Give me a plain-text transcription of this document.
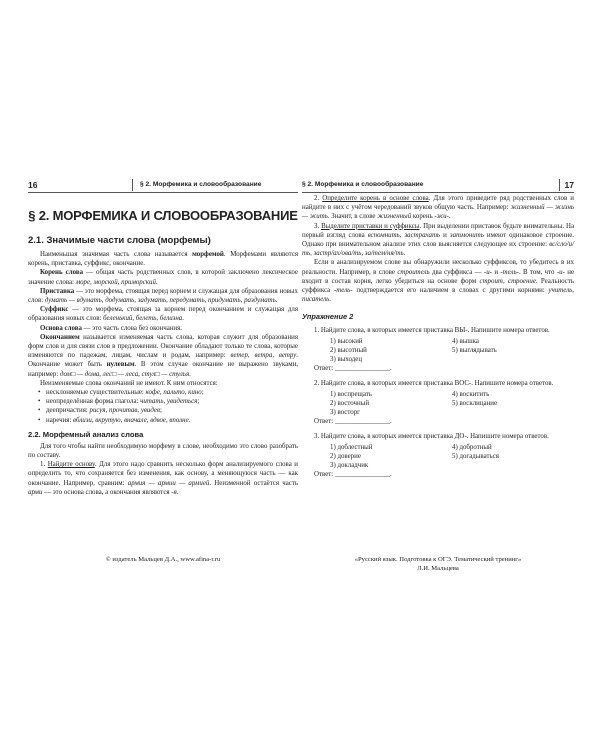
16	§ 2. Морфемика и словообразование
§ 2. МОРФЕМИКА И СЛОВООБРАЗОВАНИЕ
2.1. Значимые части слова (морфемы)

Наименьшая значимая часть слова называется морфемой. Морфемами являются корень, приставка, суффикс, окончание.

Корень слова — общая часть родственных слов, в которой заключено лексическое значение слова: море, морской, приморский.

Приставка — это морфема, стоящая перед корнем и служащая для образования новых слов: думать — вдумать, додумать, задумать, передумать, придумать, раздумать.

Суффикс — это морфема, стоящая за корнем перед окончанием и служащая для образования новых слов: беленький, белеть, белизна.

Основа слова — это часть слова без окончания.

Окончанием называется изменяемая часть слова, которая служит для образования форм слов и для связи слов в предложении. Окончание обладают только те слова, которые изменяются по падежам, лицам, числам и родам, например: ветер, ветра, ветру. Окончание может быть нулевым. В этом случае окончание не выражено звуками, например: дом□ — дома, лес□ — леса, стул□ — стулья.

Неизменяемые слова окончаний не имеют. К ним относятся:

• несклоняемые существительные: кофе, пальто, кино;
• неопределённая форма глагола: читать, увидеться;
• деепричастия: рисуя, прочитав, увидев;
• наречия: вблизи, вкрутую, вначале, вдвое, вполне.
2.2. Морфемный анализ слова

Для того чтобы найти необходимую морфему в слове, необходимо это слово разобрать по составу.

1. Найдите основу. Для этого надо сравнить несколько форм анализируемого слова и определить то, что сохраняется без изменения, как основу, а меняющуюся часть — как окончание. Например, сравним: армия — армии — армией. Неизменной остаётся часть арми — это основа слова, а окончания являются -я.

© издатель Мальцев Д.А., www.afina-r.ru
§ 2. Морфемика и словообразование	17

2. Определите корень в основе слова. Для этого приведите ряд родственных слов и найдите в них с учётом чередований звуков общую часть. Например: жизненный — жизнь — жить. Значит, в слове жизненный корень -жи-.

3. Выделите приставки и суффиксы. При выделении приставок будьте внимательны. На первый взгляд слова вспомнить, застрахать и затмонить имеют одинаковое строение. Однако при внимательном анализе этих слов выясняется следующее их строение: вс/сло/и/ть, застр/ах/ова/ть, за/тем/ня/ть.

Если в анализируемом слове вы обнаружили несколько суффиксов, то убедитесь в их реальности. Например, в слове строитель два суффикса — -и- и -тель-. В том, что -и- не входит в состав корня, легко убедиться на основе форм строит, строение. Реальность суффикса -тель- подтверждается его наличием в словах с другими корнями: учитель, писатель.

Упражнение 2

1. Найдите слова, в которых имеется приставка ВЫ-. Напишите номера ответов.

1) высокий	4) вышка
2) высотный	5) выглядывать
3) выходец
Ответ: ________________.

2. Найдите слова, в которых имеется приставка ВОС-. Напишите номера ответов.

1) воспрещать	4) воскитить
2) восточный	5) восклицание
3) восторг
Ответ: ________________.

3. Найдите слова, в которых имеется приставка ДО-. Напишите номера ответов.

1) доблестный	4) добротный
2) доверие	5) догадываться
3) докладчик
Ответ: ________________.
«Русский язык. Подготовка к ОГЭ. Тематический тренинг»
Л.И. Мальцева
